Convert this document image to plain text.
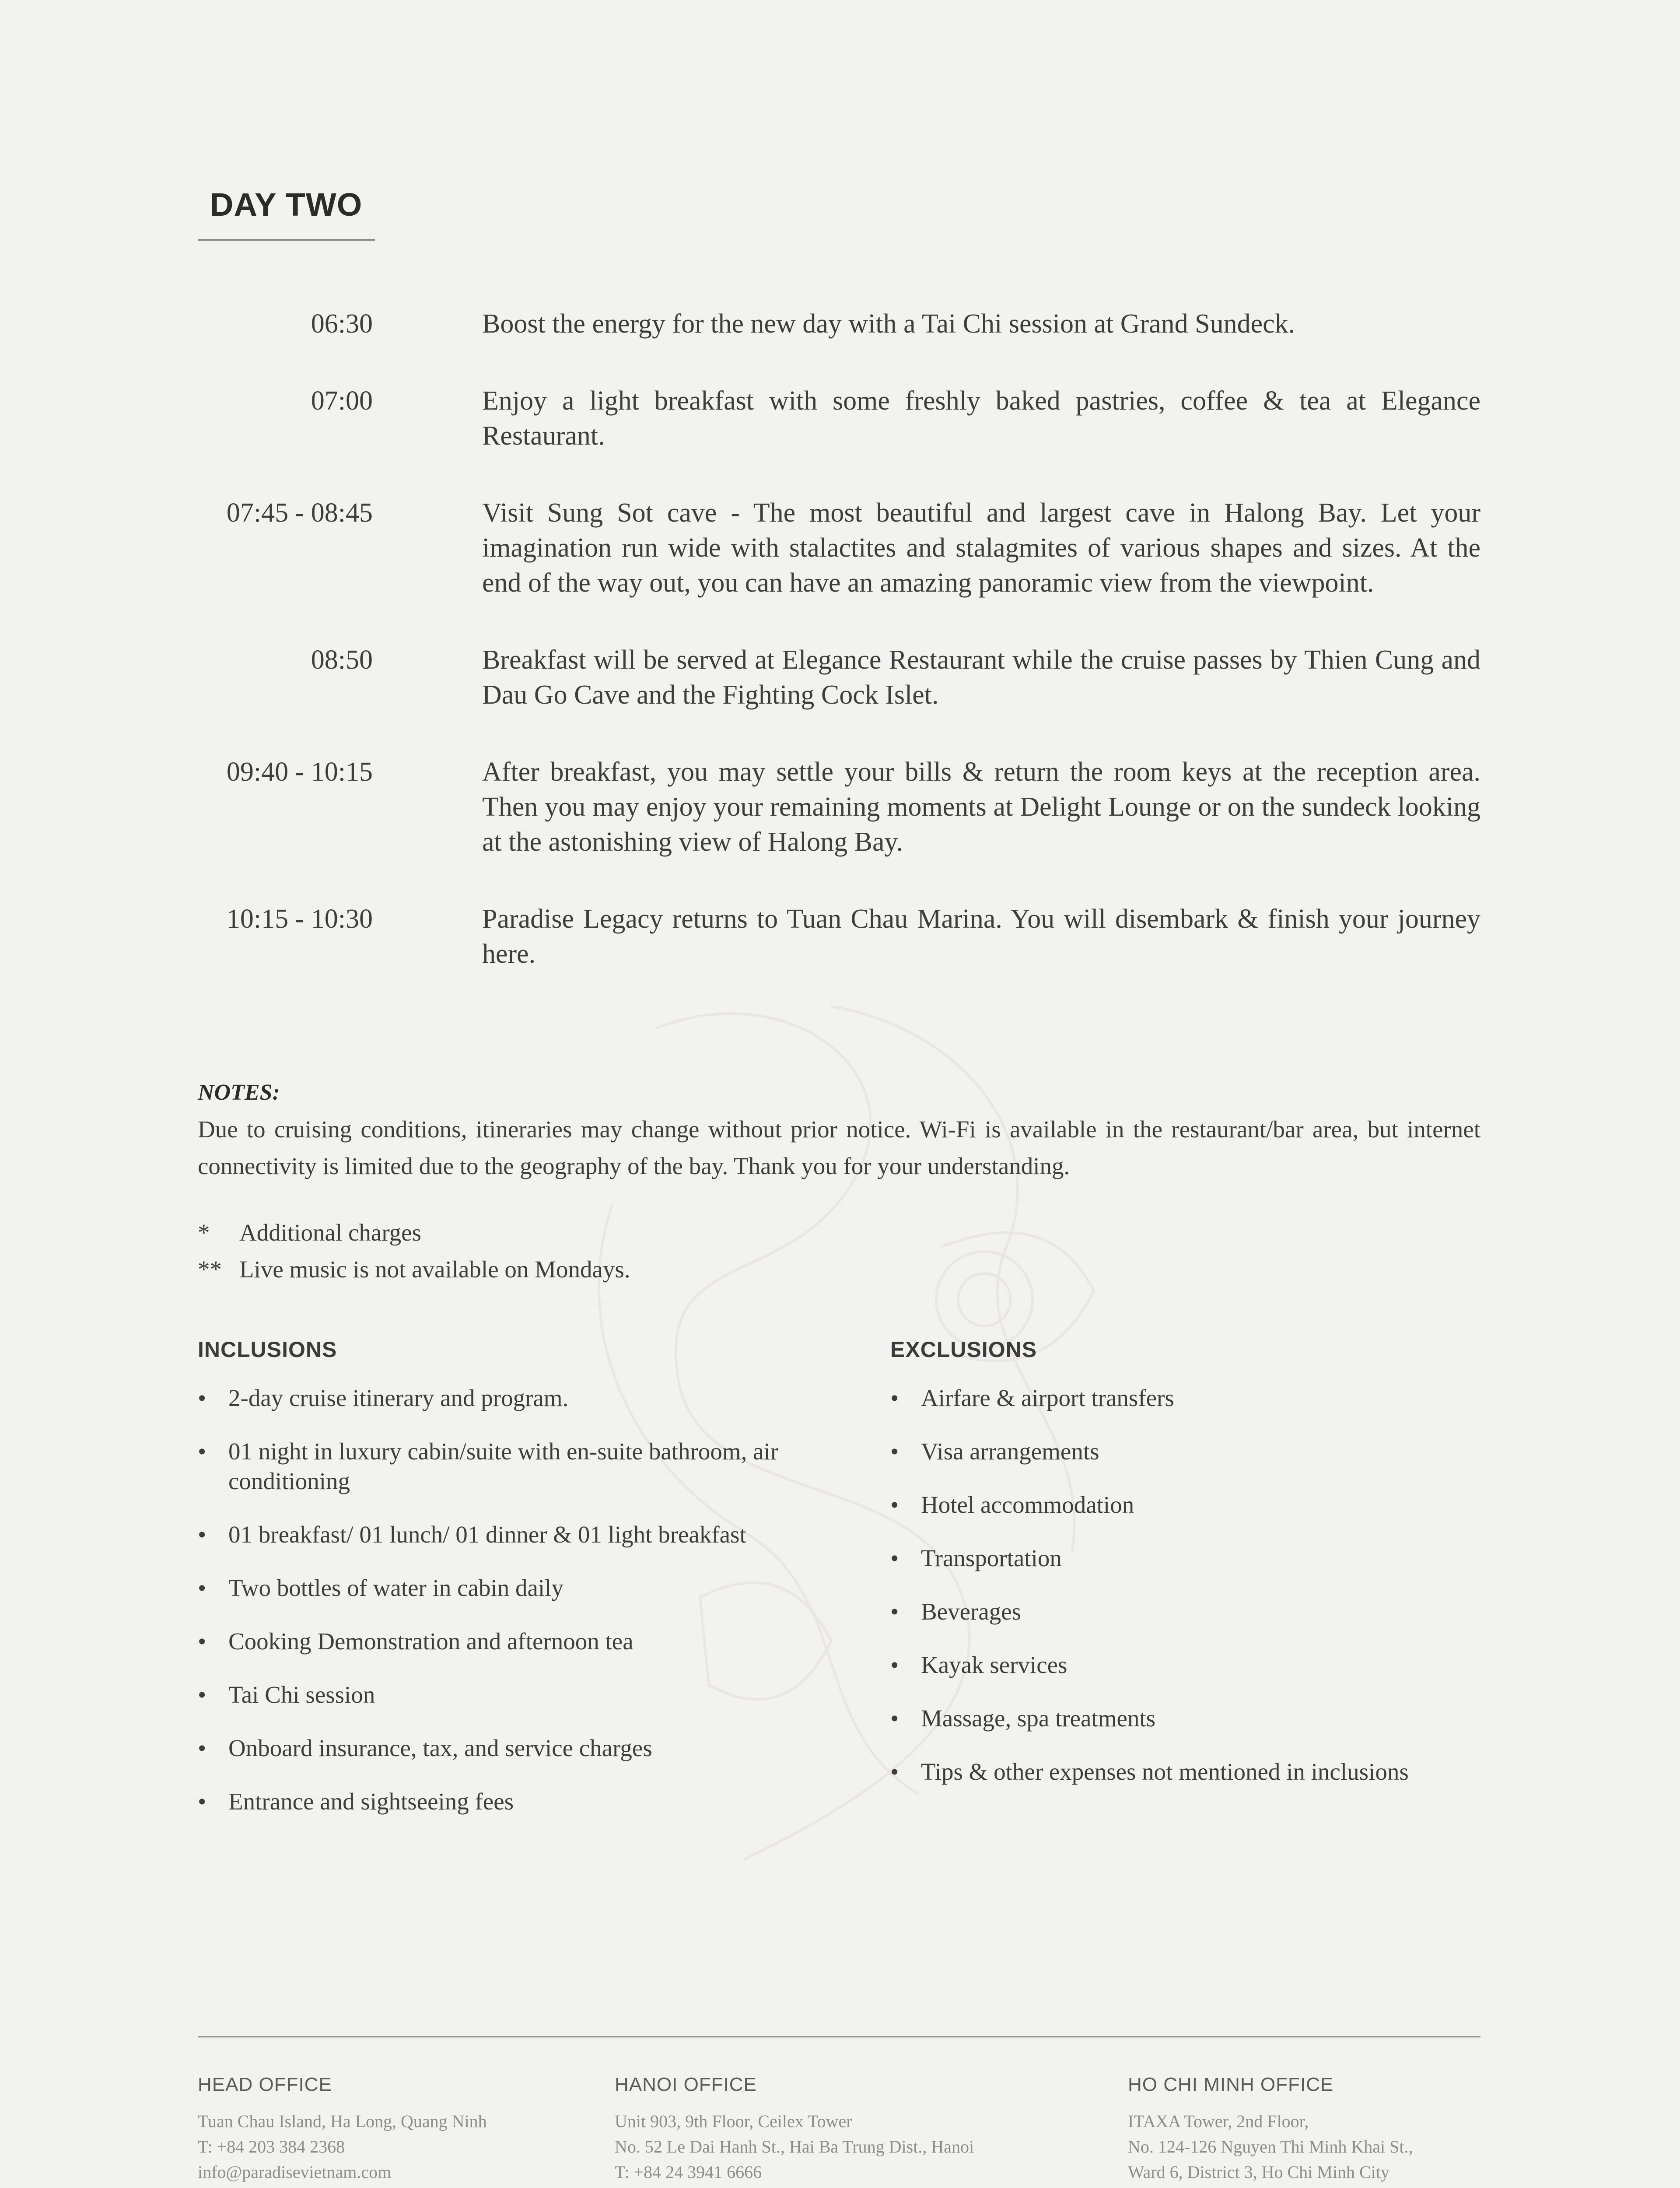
DAY TWO
06:30	Boost the energy for the new day with a Tai Chi session at Grand Sundeck.
07:00	Enjoy a light breakfast with some freshly baked pastries, coffee & tea at Elegance Restaurant.
07:45 - 08:45	Visit Sung Sot cave - The most beautiful and largest cave in Halong Bay. Let your imagination run wide with stalactites and stalagmites of various shapes and sizes. At the end of the way out, you can have an amazing panoramic view from the viewpoint.
08:50	Breakfast will be served at Elegance Restaurant while the cruise passes by Thien Cung and Dau Go Cave and the Fighting Cock Islet.
09:40 - 10:15	After breakfast, you may settle your bills & return the room keys at the reception area. Then you may enjoy your remaining moments at Delight Lounge or on the sundeck looking at the astonishing view of Halong Bay.
10:15 - 10:30	Paradise Legacy returns to Tuan Chau Marina. You will disembark & finish your journey here.
NOTES:
Due to cruising conditions, itineraries may change without prior notice. Wi-Fi is available in the restaurant/bar area, but internet connectivity is limited due to the geography of the bay. Thank you for your understanding.
*	Additional charges
** Live music is not available on Mondays.
INCLUSIONS
• 2-day cruise itinerary and program.
• 01 night in luxury cabin/suite with en-suite bathroom, air conditioning
• 01 breakfast/ 01 lunch/ 01 dinner & 01 light breakfast
• Two bottles of water in cabin daily
• Cooking Demonstration and afternoon tea
• Tai Chi session
• Onboard insurance, tax, and service charges
• Entrance and sightseeing fees
EXCLUSIONS
• Airfare & airport transfers
• Visa arrangements
• Hotel accommodation
• Transportation
• Beverages
• Kayak services
• Massage, spa treatments
• Tips & other expenses not mentioned in inclusions
HEAD OFFICE
Tuan Chau Island, Ha Long, Quang Ninh
T: +84 203 384 2368
info@paradisevietnam.com
HANOI OFFICE
Unit 903, 9th Floor, Ceilex Tower
No. 52 Le Dai Hanh St., Hai Ba Trung Dist., Hanoi
T: +84 24 3941 6666
HO CHI MINH OFFICE
ITAXA Tower, 2nd Floor,
No. 124-126 Nguyen Thi Minh Khai St.,
Ward 6, District 3, Ho Chi Minh City
